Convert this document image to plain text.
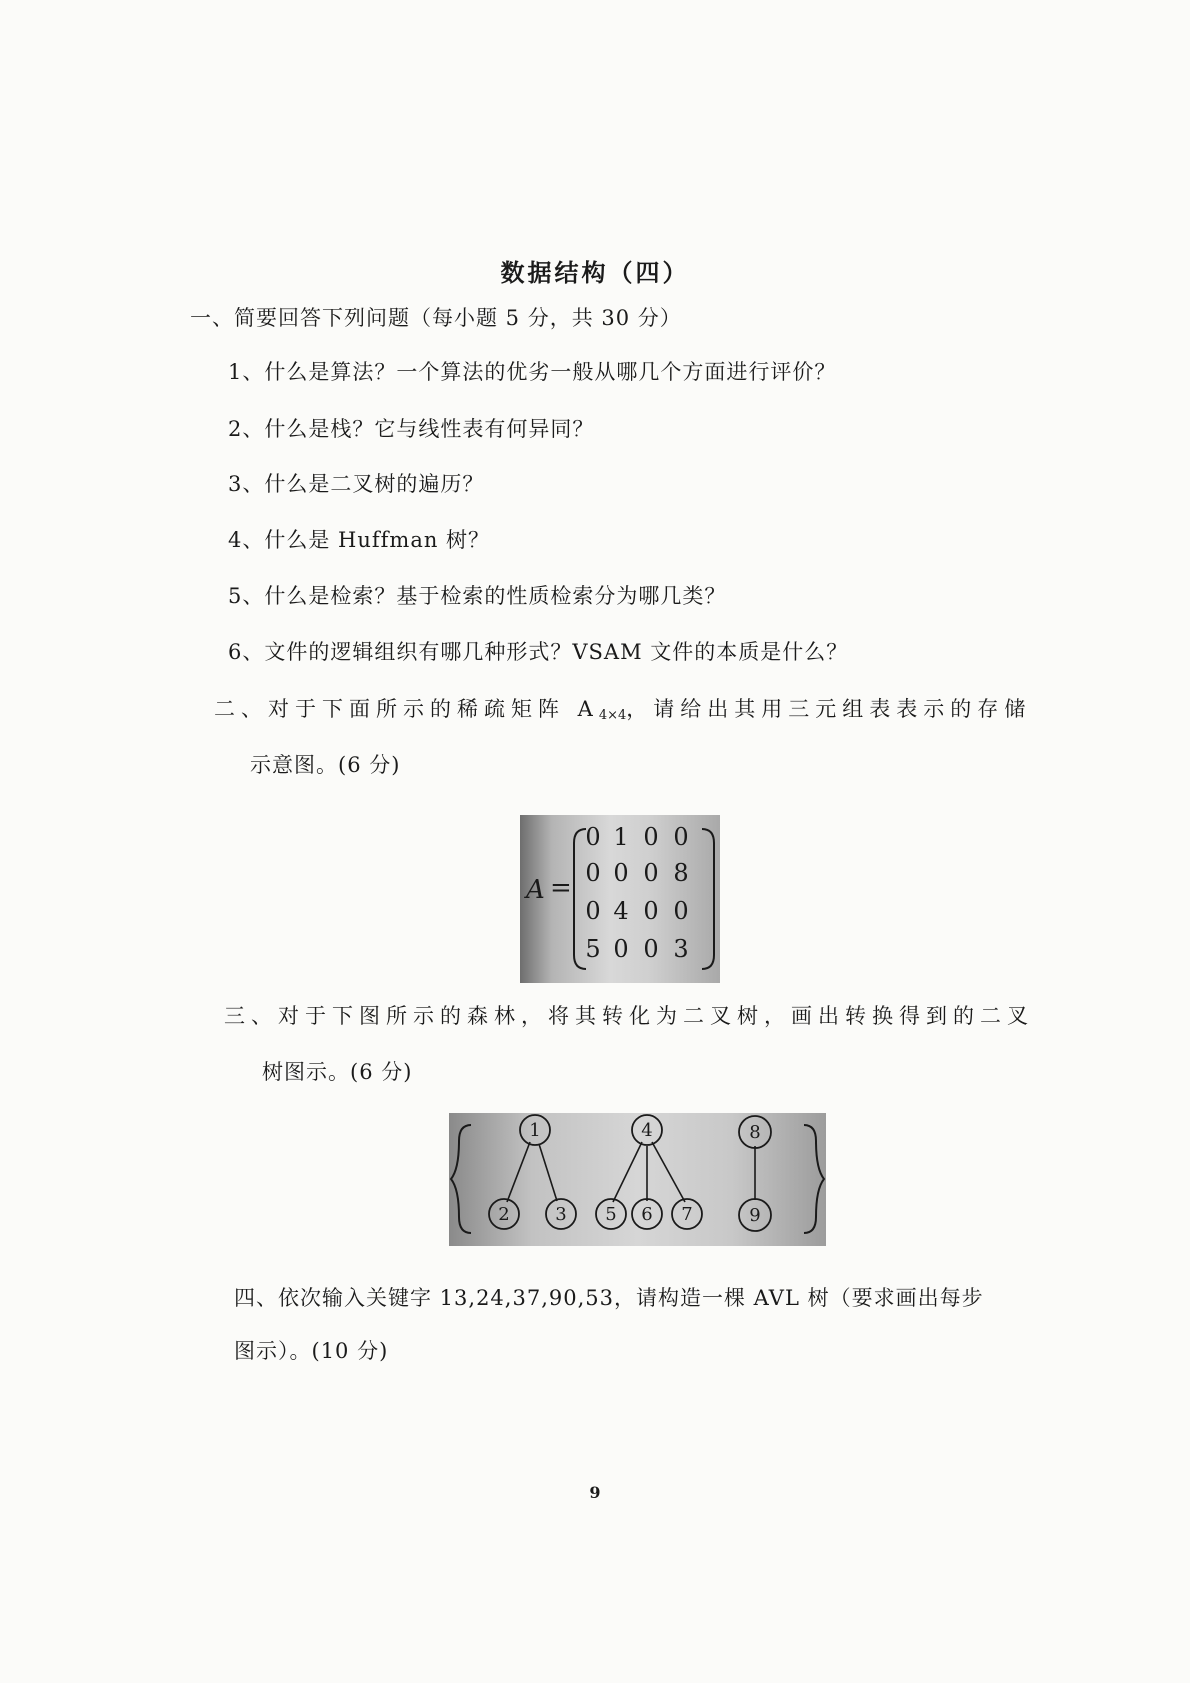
数据结构（四）
一、简要回答下列问题（每小题 5 分，共 30 分）
1、什么是算法？一个算法的优劣一般从哪几个方面进行评价？
2、什么是栈？它与线性表有何异同？
3、什么是二叉树的遍历？
4、什么是 Huffman 树？
5、什么是检索？基于检索的性质检索分为哪几类？
6、文件的逻辑组织有哪几种形式？VSAM 文件的本质是什么？
二、对于下面所示的稀疏矩阵 $A_{4\times 4}$，请给出其用三元组表表示的存储
示意图。(6 分)
A =
0 1 0 0
0 0 0 8
0 4 0 0
5 0 0 3
三、对于下图所示的森林，将其转化为二叉树，画出转换得到的二叉
树图示。(6 分)
1
2	3
4
5 6 7
8
9
四、依次输入关键字 13,24,37,90,53，请构造一棵 AVL 树（要求画出每步
图示）。(10 分)
9
